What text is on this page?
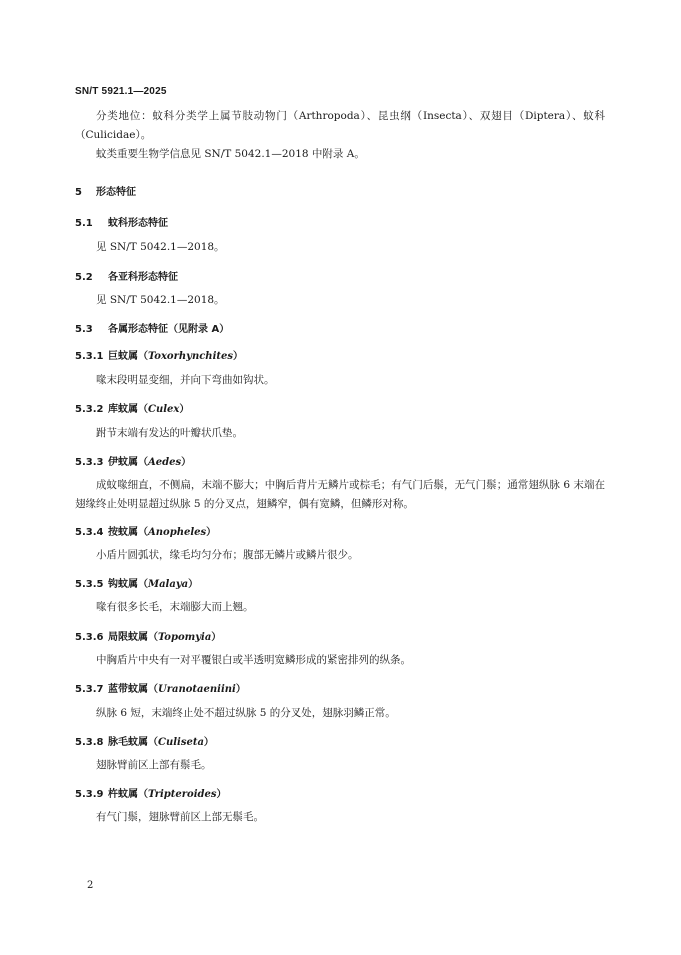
SN/T 5921.1—2025
分类地位：蚊科分类学上属节肢动物门（Arthropoda）、昆虫纲（Insecta）、双翅目（Diptera）、蚊科（Culicidae）。
蚊类重要生物学信息见 SN/T 5042.1—2018 中附录 A。
5 形态特征
5.1 蚊科形态特征
见 SN/T 5042.1—2018。
5.2 各亚科形态特征
见 SN/T 5042.1—2018。
5.3 各属形态特征（见附录 A）
5.3.1 巨蚊属（Toxorhynchites）
喙末段明显变细，并向下弯曲如钩状。
5.3.2 库蚊属（Culex）
跗节末端有发达的叶瓣状爪垫。
5.3.3 伊蚊属（Aedes）
成蚊喙细直，不侧扁，末端不膨大；中胸后背片无鳞片或棕毛；有气门后鬃，无气门鬃；通常翅纵脉 6 末端在翅缘终止处明显超过纵脉 5 的分叉点，翅鳞窄，偶有宽鳞，但鳞形对称。
5.3.4 按蚊属（Anopheles）
小盾片圆弧状，缘毛均匀分布；腹部无鳞片或鳞片很少。
5.3.5 钩蚊属（Malaya）
喙有很多长毛，末端膨大而上翘。
5.3.6 局限蚊属（Topomyia）
中胸盾片中央有一对平覆银白或半透明宽鳞形成的紧密排列的纵条。
5.3.7 蓝带蚊属（Uranotaeniini）
纵脉 6 短，末端终止处不超过纵脉 5 的分叉处，翅脉羽鳞正常。
5.3.8 脉毛蚊属（Culiseta）
翅脉臂前区上部有鬃毛。
5.3.9 杵蚊属（Tripteroides）
有气门鬃，翅脉臂前区上部无鬃毛。
2
